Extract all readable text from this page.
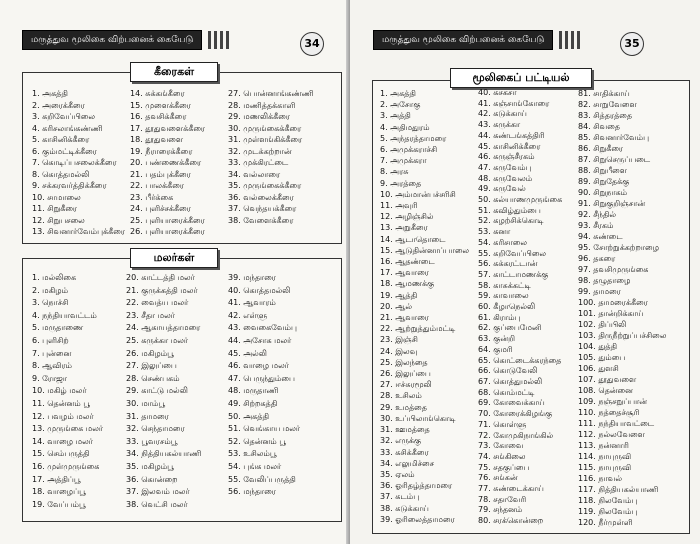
மருத்துவ மூலிகை விற்பனைக் கையேடு	34
கீரைகள்
1. அகத்தி
2. அரைக்கீரை
3. கறிவேப்பிலை
4. கரிசலாங்கண்ணி
5. காசினிக்கீரை
6. கும்மட்டிக்கீரை
7. கொடிப்பசலைக்கீரை
8. கொத்தமல்லி
9. சக்கரவர்த்திக்கீரை
10. சாமாலை
11. சிறுகீரை
12. சிறுபசலை
13. சிவனார்வேம்புக்கீரை
14. சுக்கங்கீரை
15. முளைக்கீரை
16. தவசிக்கீரை
17. தூதுவளைக்கீரை
18. தூதுவளை
19. நீராரைக்கீரை
20. பண்ணைக்கீரை
21. பதம்புக்கீரை
22. பாலக்கீரை
23. பீர்க்கை
24. புளிச்சக்கீரை
25. புளியாரைக்கீரை
26. புளியாரைக்கீரை
27. பொன்னாங்கண்ணி
28. மணித்தக்காளி
29. மணலிக்கீரை
30. முருங்கைக்கீரை
31. முள்ளங்கிக்கீரை
32. முடக்கற்றான்
33. முக்கிரட்டை
34. வல்லாரை
35. முருங்கைக்கீரை
36. வல்லைக்கீரை
37. வெந்தயக்கீரை
38. வேளைக்கீரை
மலர்கள்
1. மல்லிகை
2. மகிழம்
3. நொச்சி
4. நந்தியாவட்டம்
5. மருதாணை
6. புளிசிற்
7. புன்னை
8. ஆவிரம்
9. ரோஜா
10. மகிழ் மலர்
11. தென்னம் பூ
12. பவழம் மலர்
13. முருங்கை மலர்
14. வாழை மலர்
15. செம்பருத்தி
16. முள்முருங்கை
17. அத்திப்பூ
18. வாழைப்பூ
19. வேப்பம்பூ
20. காட்டத்தி மலர்
21. குருக்கத்தி மலர்
22. வைத்ய மலர்
23. சீதா மலர்
24. ஆகாயத்தாமரை
25. கருக்கா மலர்
26. மகிழம்பூ
27. இலுப்பை
28. செண்பகம்
29. காட்டு மல்லி
30. மாம்பூ
31. தாமரை
32. செந்தாமரை
33. பூவரசம்பூ
34. நித்தியகல்யாணி
35. மகிழம்பூ
36. கொன்றை
37. இலவம் மலர்
38. வெட்சி மலர்
39. மந்தாரை
40. கொத்தமல்லி
41. ஆவாரம்
42. எள்ளு
43. வைகைவேம்பு
44. அசோக மலர்
45. அல்லி
46. வாழை மலர்
47. பெருந்தும்பை
48. மருதாணி
49. சிற்றகத்தி
50. அகத்தி
51. வெங்காய மலர்
52. தென்னம் பூ
53. உசிலம்பூ
54. புங்க மலர்
55. வேலிப்பருத்தி
56. மந்தாரை
மருத்துவ மூலிகை விற்பனைக் கையேடு	35
மூலிகைப் பட்டியல்
1. அகத்தி
2. அசோகு
3. அத்தி
4. அதிமதுரம்
5. அந்தரத்தாமரை
6. அமுக்கராச்சி
7. அமுக்கரா
8. அரசு
9. அரத்தை
10. அம்மான்பச்சரிசி
11. அவுரி
12. அழிஞ்சில்
13. அறுகீரை
14. ஆடாதொடை
15. ஆடுதின்னாப்பாலை
16. ஆதண்டை
17. ஆவாரை
18. ஆமணக்கு
19. ஆத்தி
20. ஆல்
21. ஆவாரை
22. ஆற்றுத்தும்மட்டி
23. இஞ்சி
24. இலவு
25. இலந்தை
26. இலுப்பை
27. ஈச்சுரமூலி
28. உசிலம்
29. உமத்தை
30. உப்பிலாங்கொடி
31. ஊமத்தை
32. எருக்கு
33. கசிக்கீரை
34. எலுமிச்சை
35. ஏலம்
36. ஓரிதழ்த்தாமரை
37. கடம்பு
38. கடுக்காய்
39. ஓரிலைத்தாமரை
40. கசகசா
41. கஞ்சாங்கோரை
42. கடுக்காய்
43. கருக்கா
44. கண்டங்கத்திரி
45. காசினிக்கீரை
46. கருஞ்சீரகம்
47. கருவேம்பு
48. கருவேலம்
49. கருவேல்
50. கல்யாணமுருங்கை
51. கவிழ்தும்பை
52. கழற்சிக்கொடி
53. கனா
54. கரிசாலை
55. கறிவேப்பிலை
56. கக்கரட்டான்
57. காட்டாமணக்கு
58. காசுக்கட்டி
59. காவாலை
60. கீழாநெல்லி
61. கிராம்பு
62. குப்பைமேனி
63. குன்றி
64. குமரி
65. கொட்டைக்கரந்தை
66. கொடுவேலி
67. கொத்துமல்லி
68. கொம்மட்டி
69. கோவைக்காய்
70. கோரைக்கிழங்கு
71. கொள்ளு
72. கோமுகிநாங்கில்
73. கோவை
74. சங்கிலை
75. சதகுப்பை
76. சங்கன்
77. சுண்டைக்காய்
78. சதாவேரி
79. சந்தனம்
80. சரக்கொன்றை
81. சாதிக்காய்
82. சாறுவேளை
83. சித்தரத்தை
84. சிவதை
85. சிவனார்வேம்பு
86. சிறுகீரை
87. சிறுசெருப்படை
88. சிறுபீளை
89. சிறுதேக்கு
90. சிறுநாகம்
91. சிறுகுறிஞ்சான்
92. சீந்தில்
93. சீரகம்
94. சுண்டை
95. சோற்றுக்கற்றாழை
96. தகரை
97. தவசிமுருங்கை
98. தழுதாழை
99. தாமரை
100. தாமரைக்கீரை
101. தான்றிக்காய்
102. திப்பிலி
103. திருநீற்றுப்பச்சிலை
104. துத்தி
105. தும்பை
106. துளசி
107. தூதுவளை
108. தென்னை
109. நஞ்சறுப்பான்
110. நத்தைச்சூரி
111. நந்தியாவட்டை
112. நல்லவேளை
113. நன்னாரி
114. நாயுருவி
115. நாயுருவி
116. நாவல்
117. நித்தியகல்யாணி
118. நிலவேம்பு
119. நிலவேம்பு
120. நீர்முள்ளி
